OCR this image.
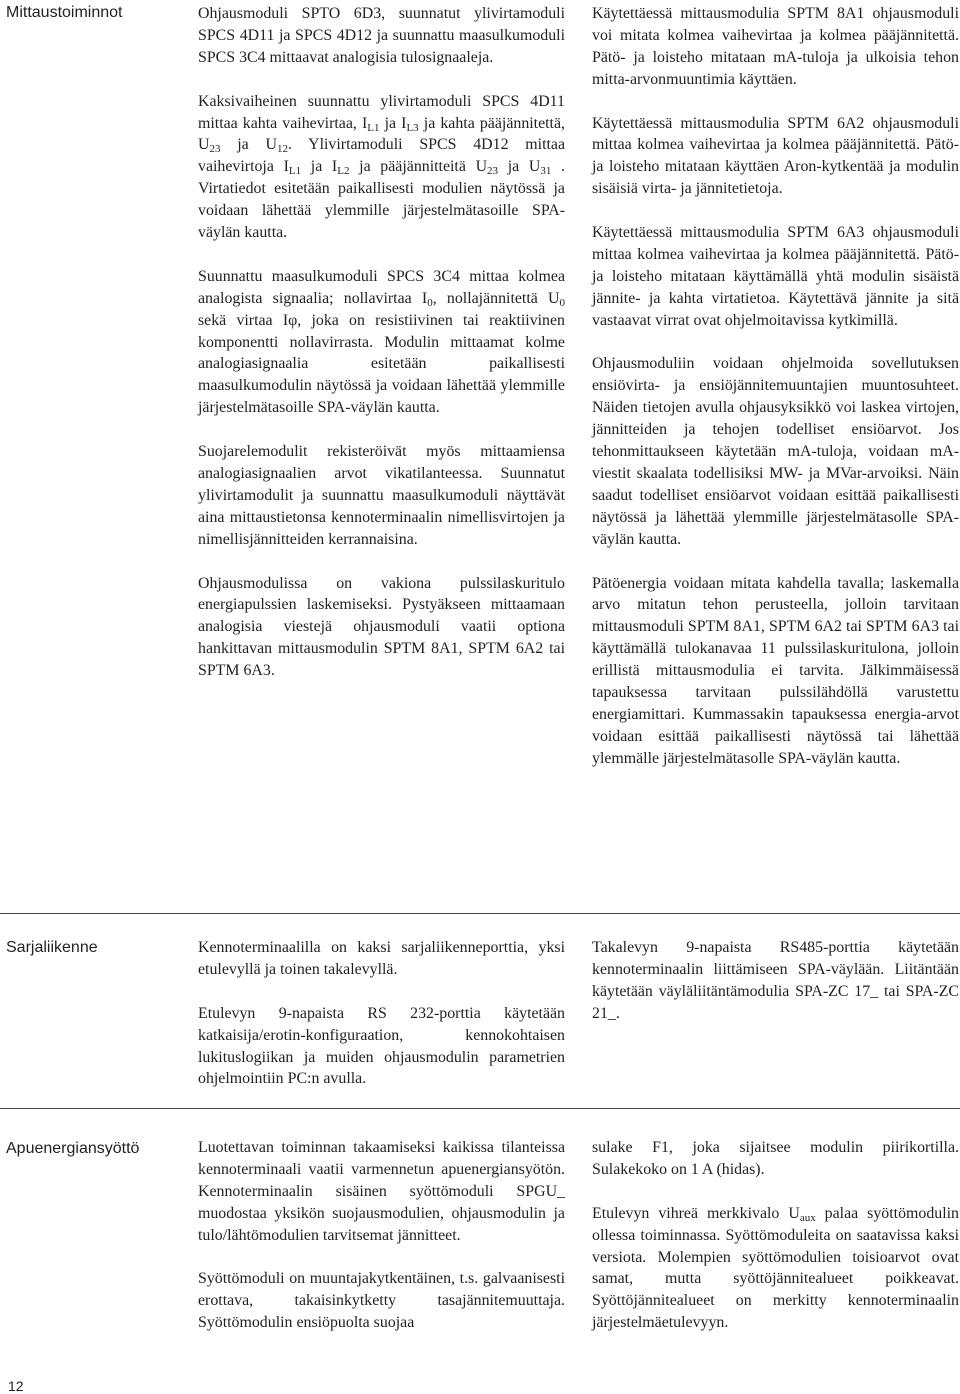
Mittaustoiminnot	Ohjausmoduli SPTO 6D3, suunnatut ylivirtamoduli SPCS 4D11 ja SPCS 4D12 ja suunnattu maasulkumoduli SPCS 3C4 mittaavat analogisia tulosignaaleja.

Kaksivaiheinen suunnattu ylivirtamoduli SPCS 4D11 mittaa kahta vaihevirtaa, $I_{L1}$ ja $I_{L3}$ ja kahta pääjännitettä, $U_{23}$ ja $U_{12}$. Ylivirtamoduli SPCS 4D12 mittaa vaihevirtoja $I_{L1}$ ja $I_{L2}$ ja pääjännitteitä $U_{23}$ ja $U_{31}$ . Virtatiedot esitetään paikallisesti modulien näytössä ja voidaan lähettää ylemmille järjestelmätasoille SPA-väylän kautta.

Suunnattu maasulkumoduli SPCS 3C4 mittaa kolmea analogista signaalia; nollavirtaa $I_0$, nollajännitettä $U_0$ sekä virtaa Iφ, joka on resistiivinen tai reaktiivinen komponentti nollavirrasta. Modulin mittaamat kolme analogiasignaalia esitetään paikallisesti maasulkumodulin näytössä ja voidaan lähettää ylemmille järjestelmätasoille SPA-väylän kautta.

Suojarelemodulit rekisteröivät myös mittaamiensa analogiasignaalien arvot vikatilanteessa. Suunnatut ylivirtamodulit ja suunnattu maasulkumoduli näyttävät aina mittaustietonsa kennoterminaalin nimellisvirtojen ja nimellisjännitteiden kerrannaisina.

Ohjausmodulissa on vakiona pulssilaskuritulo energiapulssien laskemiseksi. Pystyäkseen mittaamaan analogisia viestejä ohjausmoduli vaatii optiona hankittavan mittausmodulin SPTM 8A1, SPTM 6A2 tai SPTM 6A3.

Käytettäessä mittausmodulia SPTM 8A1 ohjausmoduli voi mitata kolmea vaihevirtaa ja kolmea pääjännitettä. Pätö- ja loisteho mitataan mA-tuloja ja ulkoisia tehon mitta-arvonmuuntimia käyttäen.

Käytettäessä mittausmodulia SPTM 6A2 ohjausmoduli mittaa kolmea vaihevirtaa ja kolmea pääjännitettä. Pätö- ja loisteho mitataan käyttäen Aron-kytkentää ja modulin sisäisiä virta- ja jännitetietoja.

Käytettäessä mittausmodulia SPTM 6A3 ohjausmoduli mittaa kolmea vaihevirtaa ja kolmea pääjännitettä. Pätö- ja loisteho mitataan käyttämällä yhtä modulin sisäistä jännite- ja kahta virtatietoa. Käytettävä jännite ja sitä vastaavat virrat ovat ohjelmoitavissa kytkimillä.

Ohjausmoduliin voidaan ohjelmoida sovellutuksen ensiövirta- ja ensiöjännitemuuntajien muuntosuhteet. Näiden tietojen avulla ohjausyksikkö voi laskea virtojen, jännitteiden ja tehojen todelliset ensiöarvot. Jos tehonmittaukseen käytetään mA-tuloja, voidaan mA-viestit skaalata todellisiksi MW- ja MVar-arvoiksi. Näin saadut todelliset ensiöarvot voidaan esittää paikallisesti näytössä ja lähettää ylemmille järjestelmätasolle SPA-väylän kautta.

Pätöenergia voidaan mitata kahdella tavalla; laskemalla arvo mitatun tehon perusteella, jolloin tarvitaan mittausmoduli SPTM 8A1, SPTM 6A2 tai SPTM 6A3 tai käyttämällä tulokanavaa 11 pulssilaskuritulona, jolloin erillistä mittausmodulia ei tarvita. Jälkimmäisessä tapauksessa tarvitaan pulssilähdöllä varustettu energiamittari. Kummassakin tapauksessa energia-arvot voidaan esittää paikallisesti näytössä tai lähettää ylemmälle järjestelmätasolle SPA-väylän kautta.

Sarjaliikenne	Kennoterminaalilla on kaksi sarjaliikenneporttia, yksi etulevyllä ja toinen takalevyllä.

Etulevyn 9-napaista RS 232-porttia käytetään katkaisija/erotin-konfiguraation, kennokohtaisen lukituslogiikan ja muiden ohjausmodulin parametrien ohjelmointiin PC:n avulla.

Takalevyn 9-napaista RS485-porttia käytetään kennoterminaalin liittämiseen SPA-väylään. Liitäntään käytetään väyläliitäntämodulia SPA-ZC 17_ tai SPA-ZC 21_.

Apuenergiansyöttö	Luotettavan toiminnan takaamiseksi kaikissa tilanteissa kennoterminaali vaatii varmennetun apuenergiansyötön. Kennoterminaalin sisäinen syöttömoduli SPGU_ muodostaa yksikön suojausmodulien, ohjausmodulin ja tulo/lähtömodulien tarvitsemat jännitteet.

Syöttömoduli on muuntajakytkentäinen, t.s. galvaanisesti erottava, takaisinkytketty tasajännitemuuttaja. Syöttömodulin ensiöpuolta suojaa

sulake F1, joka sijaitsee modulin piirikortilla. Sulakekoko on 1 A (hidas).

Etulevyn vihreä merkkivalo $U_{aux}$ palaa syöttömodulin ollessa toiminnassa. Syöttömoduleita on saatavissa kaksi versiota. Molempien syöttömodulien toisioarvot ovat samat, mutta syöttöjännitealueet poikkeavat. Syöttöjännitealueet on merkitty kennoterminaalin järjestelmäetulevyyn.

12
